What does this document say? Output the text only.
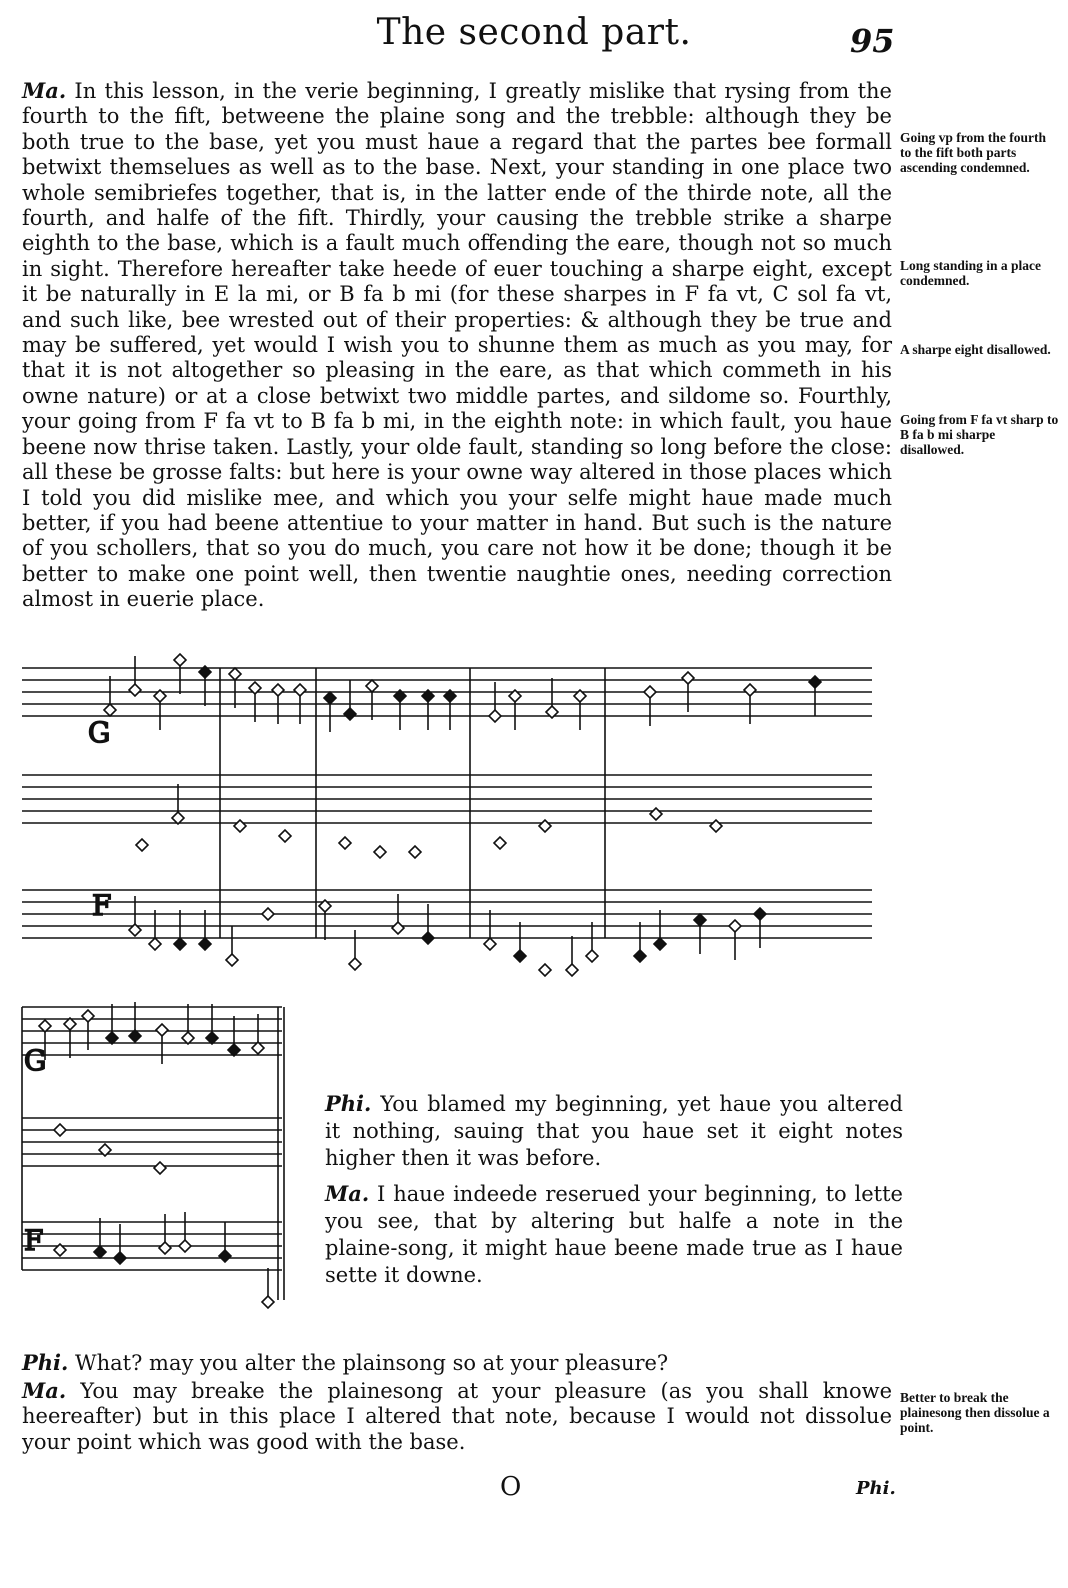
The second part.	95
Ma. In this lesson, in the verie beginning, I greatly mislike that rysing from the fourth to the fift, betweene the plaine song and the trebble: although they be both true to the base, yet you must haue a regard that the partes bee formall betwixt themselues as well as to the base. Next, your standing in one place two whole semibriefes together, that is, in the latter ende of the thirde note, all the fourth, and halfe of the fift. Thirdly, your causing the trebble strike a sharpe eighth to the base, which is a fault much offending the eare, though not so much in sight. Therefore hereafter take heede of euer touching a sharpe eight, except it be naturally in E la mi, or B fa b mi (for these sharpes in F fa vt, C sol fa vt, and such like, bee wrested out of their properties: & although they be true and may be suffered, yet would I wish you to shunne them as much as you may, for that it is not altogether so pleasing in the eare, as that which commeth in his owne nature) or at a close betwixt two middle partes, and sildome so. Fourthly, your going from F fa vt to B fa b mi, in the eighth note: in which fault, you haue beene now thrise taken. Lastly, your olde fault, standing so long before the close: all these be grosse falts: but here is your owne way altered in those places which I told you did mislike mee, and which you your selfe might haue made much better, if you had beene attentiue to your matter in hand. But such is the nature of you schollers, that so you do much, you care not how it be done; though it be better to make one point well, then twentie naughtie ones, needing correction almost in euerie place.
Going vp from the fourth to the fift both parts ascending condemned.
Long standing in a place condemned.
A sharpe eight disallowed.
Going from F fa vt sharp to B fa b mi sharpe disallowed.
Better to break the plainesong then dissolue a point.
G
F
G
F
Phi. You blamed my beginning, yet haue you altered it nothing, sauing that you haue set it eight notes higher then it was before.
Ma. I haue indeede reserued your beginning, to lette you see, that by altering but halfe a note in the plaine-song, it might haue beene made true as I haue sette it downe.
Phi. What? may you alter the plainsong so at your pleasure?
Ma. You may breake the plainesong at your pleasure (as you shall knowe heereafter) but in this place I altered that note, because I would not dissolue your point which was good with the base.
O	Phi.
